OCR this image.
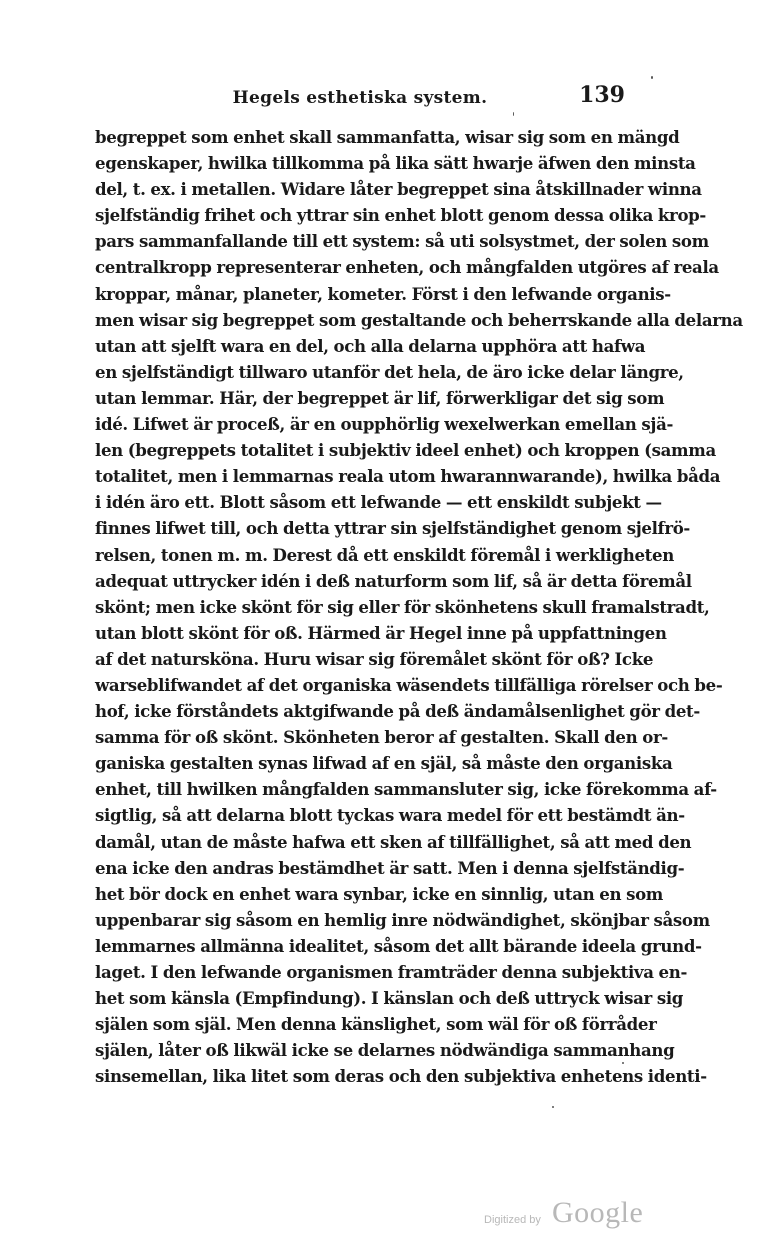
Hegels esthetiska system.	139
begreppet som enhet skall sammanfatta, wisar sig som en mängd
egenskaper, hwilka tillkomma på lika sätt hwarje äfwen den minsta
del, t. ex. i metallen. Widare låter begreppet sina åtskillnader winna
sjelfständig frihet och yttrar sin enhet blott genom dessa olika krop-
pars sammanfallande till ett system: så uti solsystmet, der solen som
centralkropp representerar enheten, och mångfalden utgöres af reala
kroppar, månar, planeter, kometer. Först i den lefwande organis-
men wisar sig begreppet som gestaltande och beherrskande alla delarna
utan att sjelft wara en del, och alla delarna upphöra att hafwa
en sjelfständigt tillwaro utanför det hela, de äro icke delar längre,
utan lemmar. Här, der begreppet är lif, förwerkligar det sig som
idé. Lifwet är proceß, är en oupphörlig wexelwerkan emellan sjä-
len (begreppets totalitet i subjektiv ideel enhet) och kroppen (samma
totalitet, men i lemmarnas reala utom hwarannwarande), hwilka båda
i idén äro ett. Blott såsom ett lefwande — ett enskildt subjekt —
finnes lifwet till, och detta yttrar sin sjelfständighet genom sjelfrö-
relsen, tonen m. m. Derest då ett enskildt föremål i werkligheten
adequat uttrycker idén i deß naturform som lif, så är detta föremål
skönt; men icke skönt för sig eller för skönhetens skull framalstradt,
utan blott skönt för oß. Härmed är Hegel inne på uppfattningen
af det natursköna. Huru wisar sig föremålet skönt för oß? Icke
warseblifwandet af det organiska wäsendets tillfälliga rörelser och be-
hof, icke förståndets aktgifwande på deß ändamålsenlighet gör det-
samma för oß skönt. Skönheten beror af gestalten. Skall den or-
ganiska gestalten synas lifwad af en själ, så måste den organiska
enhet, till hwilken mångfalden sammansluter sig, icke förekomma af-
sigtlig, så att delarna blott tyckas wara medel för ett bestämdt än-
damål, utan de måste hafwa ett sken af tillfällighet, så att med den
ena icke den andras bestämdhet är satt. Men i denna sjelfständig-
het bör dock en enhet wara synbar, icke en sinnlig, utan en som
uppenbarar sig såsom en hemlig inre nödwändighet, skönjbar såsom
lemmarnes allmänna idealitet, såsom det allt bärande ideela grund-
laget. I den lefwande organismen framträder denna subjektiva en-
het som känsla (Empfindung). I känslan och deß uttryck wisar sig
själen som själ. Men denna känslighet, som wäl för oß förråder
själen, låter oß likwäl icke se delarnes nödwändiga sammanhang
sinsemellan, lika litet som deras och den subjektiva enhetens identi-
Digitized by Google
